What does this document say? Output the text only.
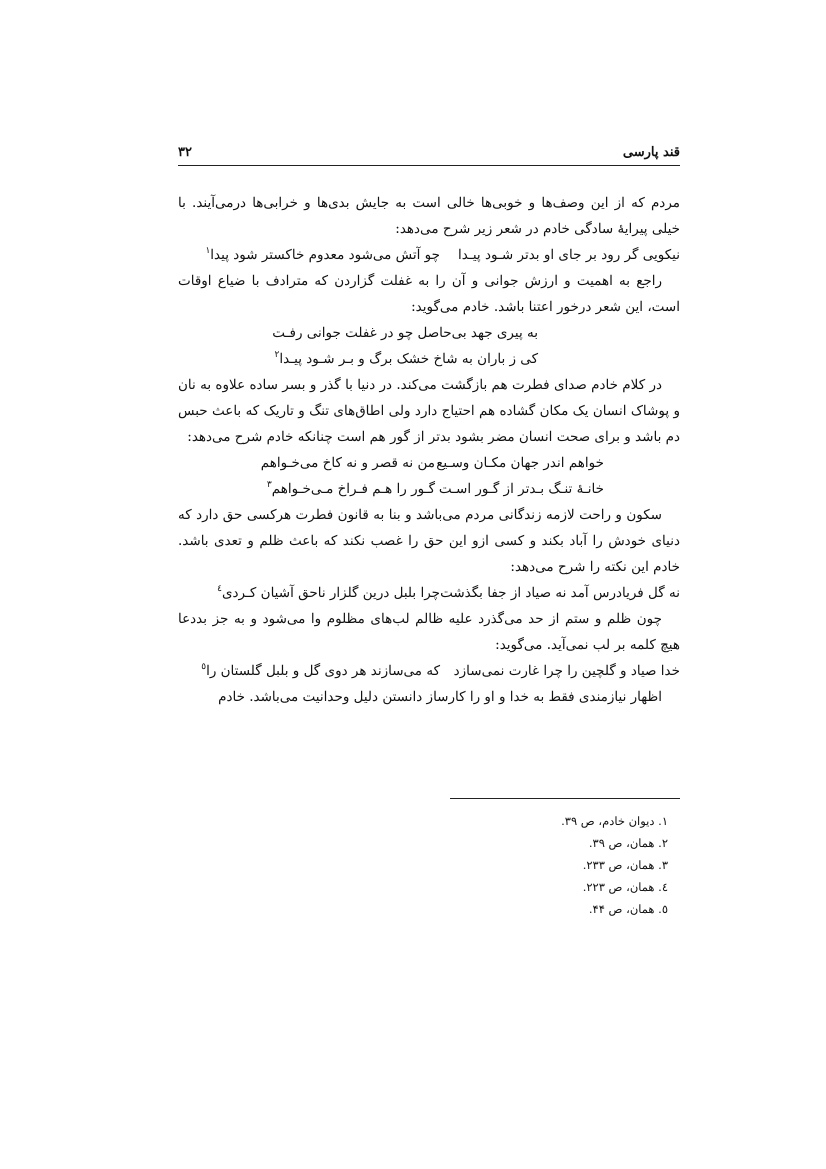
قند پارسی
۳۲

مردم که از این وصف‌ها و خوبی‌ها خالی است به جایش بدی‌ها و خرابی‌ها درمی‌آیند. با خیلی پیرایهٔ سادگی خادم در شعر زیر شرح می‌دهد:

نیکویی گر رود بر جای او بدتر شـود پیـدا
چو آتش می‌شود معدوم خاکستر شود پیدا$^۱$

راجع به اهمیت و ارزش جوانی و آن را به غفلت گزاردن که مترادف با ضیاع اوقات است، این شعر درخور اعتنا باشد. خادم می‌گوید:

به پیری جهد بی‌حاصل چو در غفلت جوانی رفـت
کی ز باران به شاخ خشک برگ و بـر شـود پیـدا$^۲$

در کلام خادم صدای فطرت هم بازگشت می‌کند. در دنیا با گذر و بسر ساده علاوه به نان و پوشاک انسان یک مکان گشاده هم احتیاج دارد ولی اطاق‌های تنگ و تاریک که باعث حبس دم باشد و برای صحت انسان مضر بشود بدتر از گور هم است چنانکه خادم شرح می‌دهد:

خواهم اندر جهان مکـان وسـیع
من نه قصر و نه کاخ می‌خـواهم
خانـهٔ تنـگ بـدتر از گـور اسـت
گـور را هـم فـراخ مـی‌خـواهم$^۳$

سکون و راحت لازمه زندگانی مردم می‌باشد و بنا به قانون فطرت هرکسی حق دارد که دنیای خودش را آباد بکند و کسی ازو این حق را غصب نکند که باعث ظلم و تعدی باشد. خادم این نکته را شرح می‌دهد:

نه گل فریادرس آمد نه صیاد از جفا بگذشت
چرا بلبل درین گلزار ناحق آشیان کـردی$^٤$

چون ظلم و ستم از حد می‌گذرد علیه ظالم لب‌های مظلوم وا می‌شود و به جز بددعا هیچ کلمه بر لب نمی‌آید. می‌گوید:

خدا صیاد و گلچین را چرا غارت نمی‌سازد
که می‌سازند هر دوی گل و بلبل گلستان را$^٥$

اظهار نیازمندی فقط به خدا و او را کارساز دانستن دلیل وحدانیت می‌باشد. خادم

۱. دیوان خادم، ص ۳۹.
۲. همان، ص ۳۹.
۳. همان، ص ۲۳۳.
٤. همان، ص ۲۲۳.
٥. همان، ص ۴۴.
